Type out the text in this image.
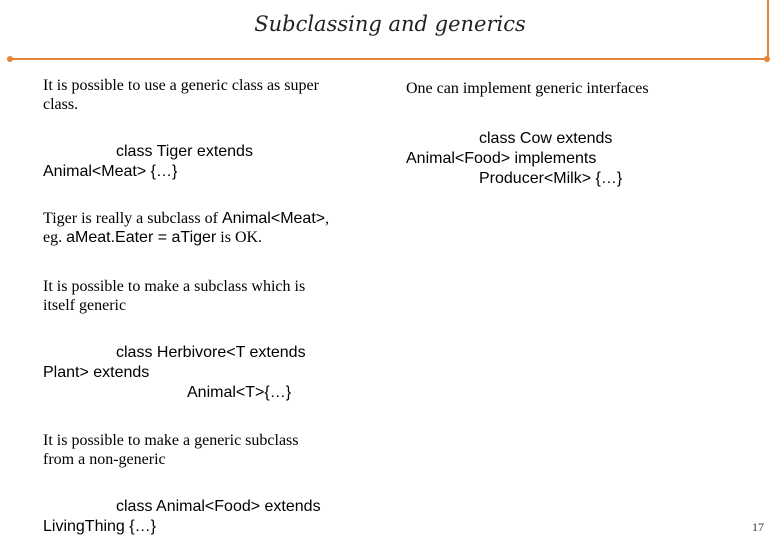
Subclassing and generics
It is possible to use a generic class as super
class.
class Tiger extends
Animal<Meat> {…}
Tiger is really a subclass of Animal<Meat>,
eg. aMeat.Eater = aTiger is OK.
It is possible to make a subclass which is
itself generic
class Herbivore<T extends
Plant> extends
Animal<T>{…}
It is possible to make a generic subclass
from a non-generic
class Animal<Food> extends
LivingThing {…}
One can implement generic interfaces
class Cow extends
Animal<Food> implements
Producer<Milk> {…}
17
